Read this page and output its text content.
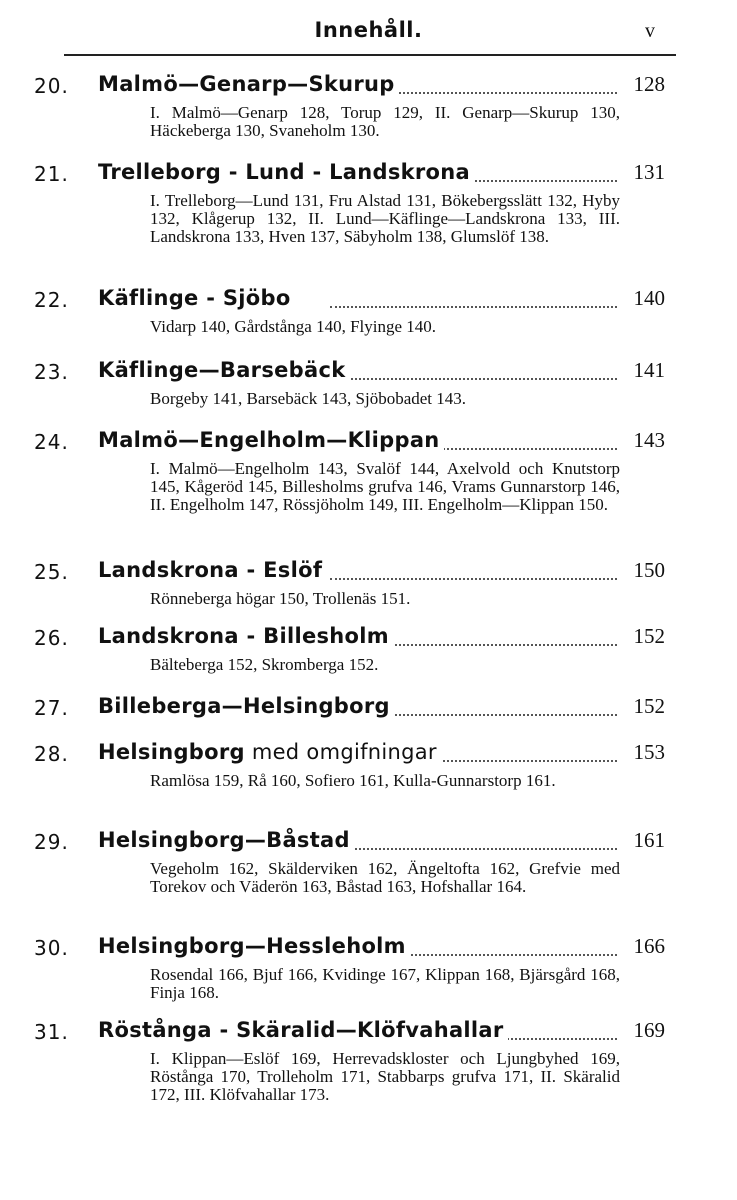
Innehåll.	v
20. Malmö—Genarp—Skurup	128
I. Malmö—Genarp 128, Torup 129, II. Genarp—Skurup 130, Häckeberga 130, Svaneholm 130.
21. Trelleborg - Lund - Landskrona	131
I. Trelleborg—Lund 131, Fru Alstad 131, Bökebergsslätt 132, Hyby 132, Klågerup 132, II. Lund—Käflinge—Landskrona 133, III. Landskrona 133, Hven 137, Säbyholm 138, Glumslöf 138.
22. Käflinge - Sjöbo	140
Vidarp 140, Gårdstånga 140, Flyinge 140.
23. Käflinge—Barsebäck	141
Borgeby 141, Barsebäck 143, Sjöbobadet 143.
24. Malmö—Engelholm—Klippan	143
I. Malmö—Engelholm 143, Svalöf 144, Axelvold och Knutstorp 145, Kågeröd 145, Billesholms grufva 146, Vrams Gunnarstorp 146, II. Engelholm 147, Rössjöholm 149, III. Engelholm—Klippan 150.
25. Landskrona - Eslöf	150
Rönneberga högar 150, Trollenäs 151.
26. Landskrona - Billesholm	152
Bälteberga 152, Skromberga 152.
27. Billeberga—Helsingborg	152
28. Helsingborg med omgifningar	153
Ramlösa 159, Rå 160, Sofiero 161, Kulla-Gunnarstorp 161.
29. Helsingborg—Båstad	161
Vegeholm 162, Skälderviken 162, Ängeltofta 162, Grefvie med Torekov och Väderön 163, Båstad 163, Hofshallar 164.
30. Helsingborg—Hessleholm	166
Rosendal 166, Bjuf 166, Kvidinge 167, Klippan 168, Bjärsgård 168, Finja 168.
31. Röstånga - Skäralid—Klöfvahallar	169
I. Klippan—Eslöf 169, Herrevadskloster och Ljungbyhed 169, Röstånga 170, Trolleholm 171, Stabbarps grufva 171, II. Skäralid 172, III. Klöfvahallar 173.
